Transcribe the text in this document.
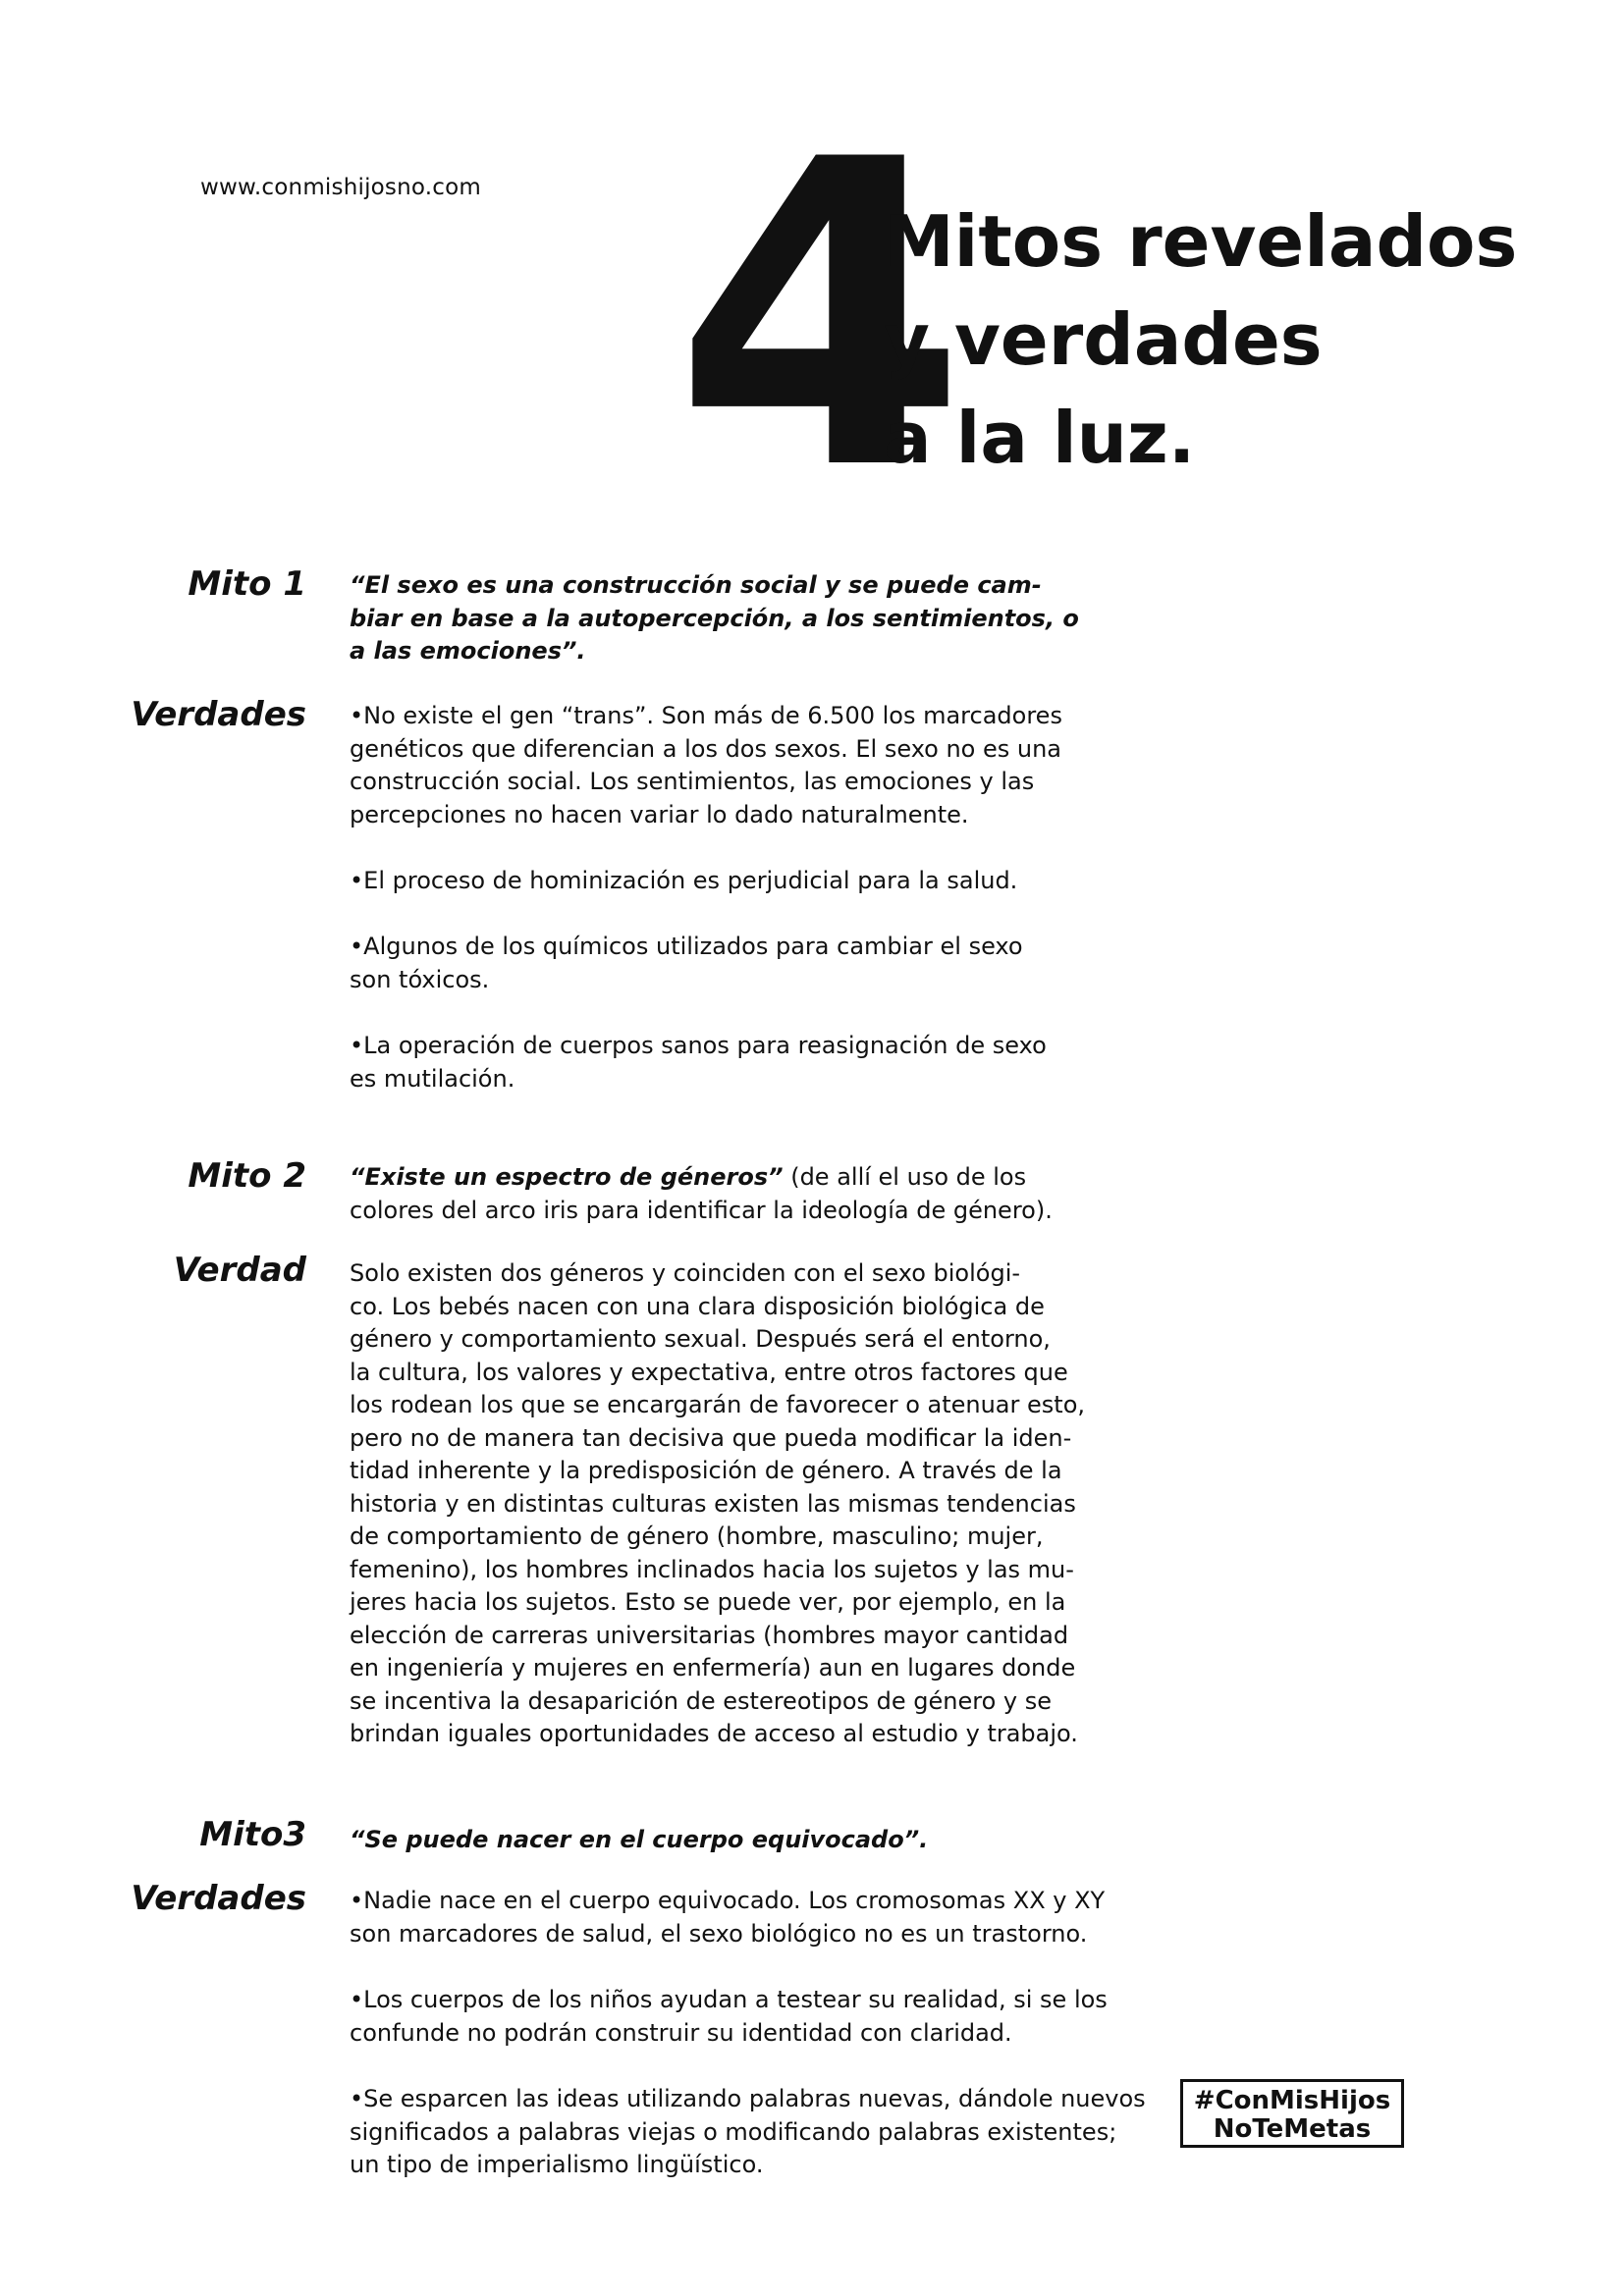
www.conmishijosno.com 4
Mitos revelados
y verdades
a la luz.
Mito 1 “El sexo es una construcción social y se puede cam-

biar en base a la autopercepción, a los sentimientos, o

a las emociones”.

Verdades •No existe el gen “trans”. Son más de 6.500 los marcadores

genéticos que diferencian a los dos sexos. El sexo no es una

construcción social. Los sentimientos, las emociones y las

percepciones no hacen variar lo dado naturalmente.

•El proceso de hominización es perjudicial para la salud.

•Algunos de los químicos utilizados para cambiar el sexo

son tóxicos.

•La operación de cuerpos sanos para reasignación de sexo

es mutilación.

Mito 2 “Existe un espectro de géneros” (de allí el uso de los

colores del arco iris para identificar la ideología de género).

Verdad Solo existen dos géneros y coinciden con el sexo biológi-

co. Los bebés nacen con una clara disposición biológica de

género y comportamiento sexual. Después será el entorno,

la cultura, los valores y expectativa, entre otros factores que

los rodean los que se encargarán de favorecer o atenuar esto,

pero no de manera tan decisiva que pueda modificar la iden-

tidad inherente y la predisposición de género. A través de la

historia y en distintas culturas existen las mismas tendencias

de comportamiento de género (hombre, masculino; mujer,

femenino), los hombres inclinados hacia los sujetos y las mu-

jeres hacia los sujetos. Esto se puede ver, por ejemplo, en la

elección de carreras universitarias (hombres mayor cantidad

en ingeniería y mujeres en enfermería) aun en lugares donde

se incentiva la desaparición de estereotipos de género y se

brindan iguales oportunidades de acceso al estudio y trabajo.

Mito3 “Se puede nacer en el cuerpo equivocado”.

Verdades •Nadie nace en el cuerpo equivocado. Los cromosomas XX y XY

son marcadores de salud, el sexo biológico no es un trastorno.

•Los cuerpos de los niños ayudan a testear su realidad, si se los

confunde no podrán construir su identidad con claridad.

•Se esparcen las ideas utilizando palabras nuevas, dándole nuevos

significados a palabras viejas o modificando palabras existentes;

un tipo de imperialismo lingüístico.

#ConMisHijos
NoTeMetas
